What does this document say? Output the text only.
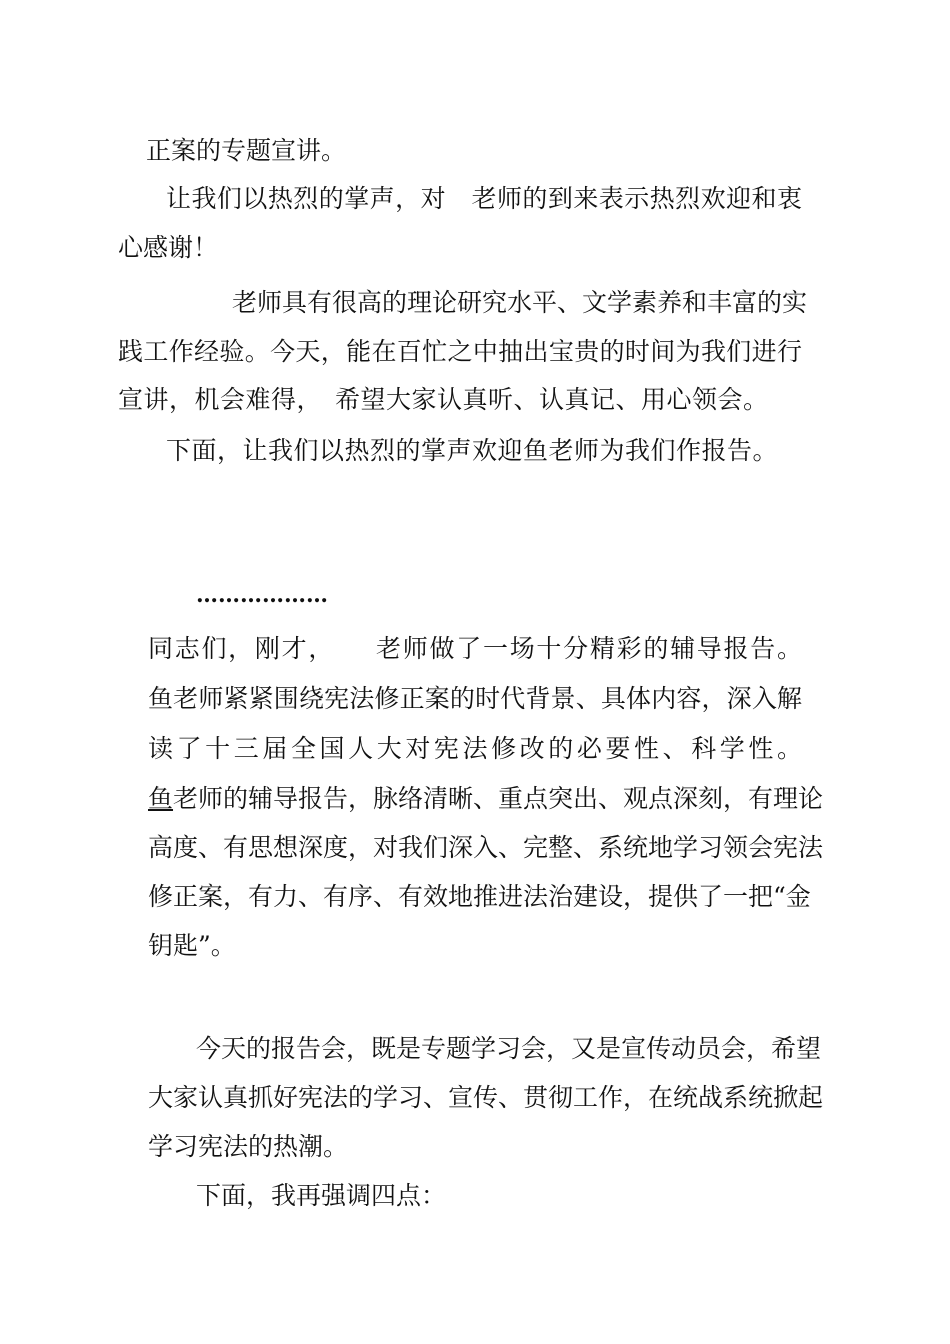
正案的专题宣讲。
让我们以热烈的掌声，对　老师的到来表示热烈欢迎和衷
心感谢！
老师具有很高的理论研究水平、文学素养和丰富的实
践工作经验。今天，能在百忙之中抽出宝贵的时间为我们进行
宣讲，机会难得，　希望大家认真听、认真记、用心领会。
下面，让我们以热烈的掌声欢迎鱼老师为我们作报告。
………………
同志们，刚才，　　老师做了一场十分精彩的辅导报告。
鱼老师紧紧围绕宪法修正案的时代背景、具体内容，深入解
读了十三届全国人大对宪法修改的必要性、科学性。
鱼老师的辅导报告，脉络清晰、重点突出、观点深刻，有理论
高度、有思想深度，对我们深入、完整、系统地学习领会宪法
修正案，有力、有序、有效地推进法治建设，提供了一把“金
钥匙”。
今天的报告会，既是专题学习会，又是宣传动员会，希望
大家认真抓好宪法的学习、宣传、贯彻工作，在统战系统掀起
学习宪法的热潮。
下面，我再强调四点：
